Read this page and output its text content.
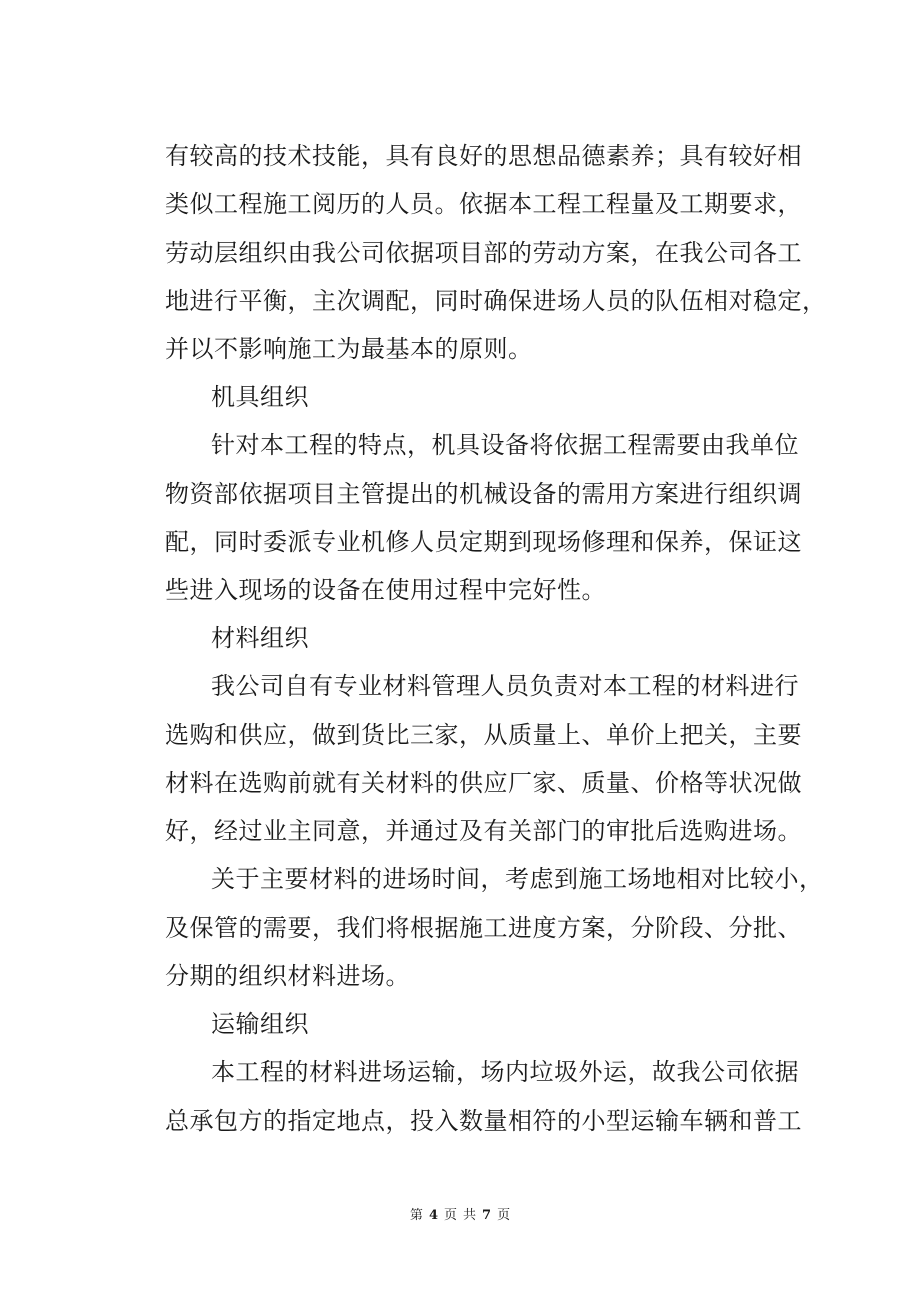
有较高的技术技能，具有良好的思想品德素养；具有较好相
类似工程施工阅历的人员。依据本工程工程量及工期要求，
劳动层组织由我公司依据项目部的劳动方案，在我公司各工
地进行平衡，主次调配，同时确保进场人员的队伍相对稳定，
并以不影响施工为最基本的原则。
机具组织
针对本工程的特点，机具设备将依据工程需要由我单位
物资部依据项目主管提出的机械设备的需用方案进行组织调
配，同时委派专业机修人员定期到现场修理和保养，保证这
些进入现场的设备在使用过程中完好性。
材料组织
我公司自有专业材料管理人员负责对本工程的材料进行
选购和供应，做到货比三家，从质量上、单价上把关，主要
材料在选购前就有关材料的供应厂家、质量、价格等状况做
好，经过业主同意，并通过及有关部门的审批后选购进场。
关于主要材料的进场时间，考虑到施工场地相对比较小，
及保管的需要，我们将根据施工进度方案，分阶段、分批、
分期的组织材料进场。
运输组织
本工程的材料进场运输，场内垃圾外运，故我公司依据
总承包方的指定地点，投入数量相符的小型运输车辆和普工
第 4 页 共 7 页
